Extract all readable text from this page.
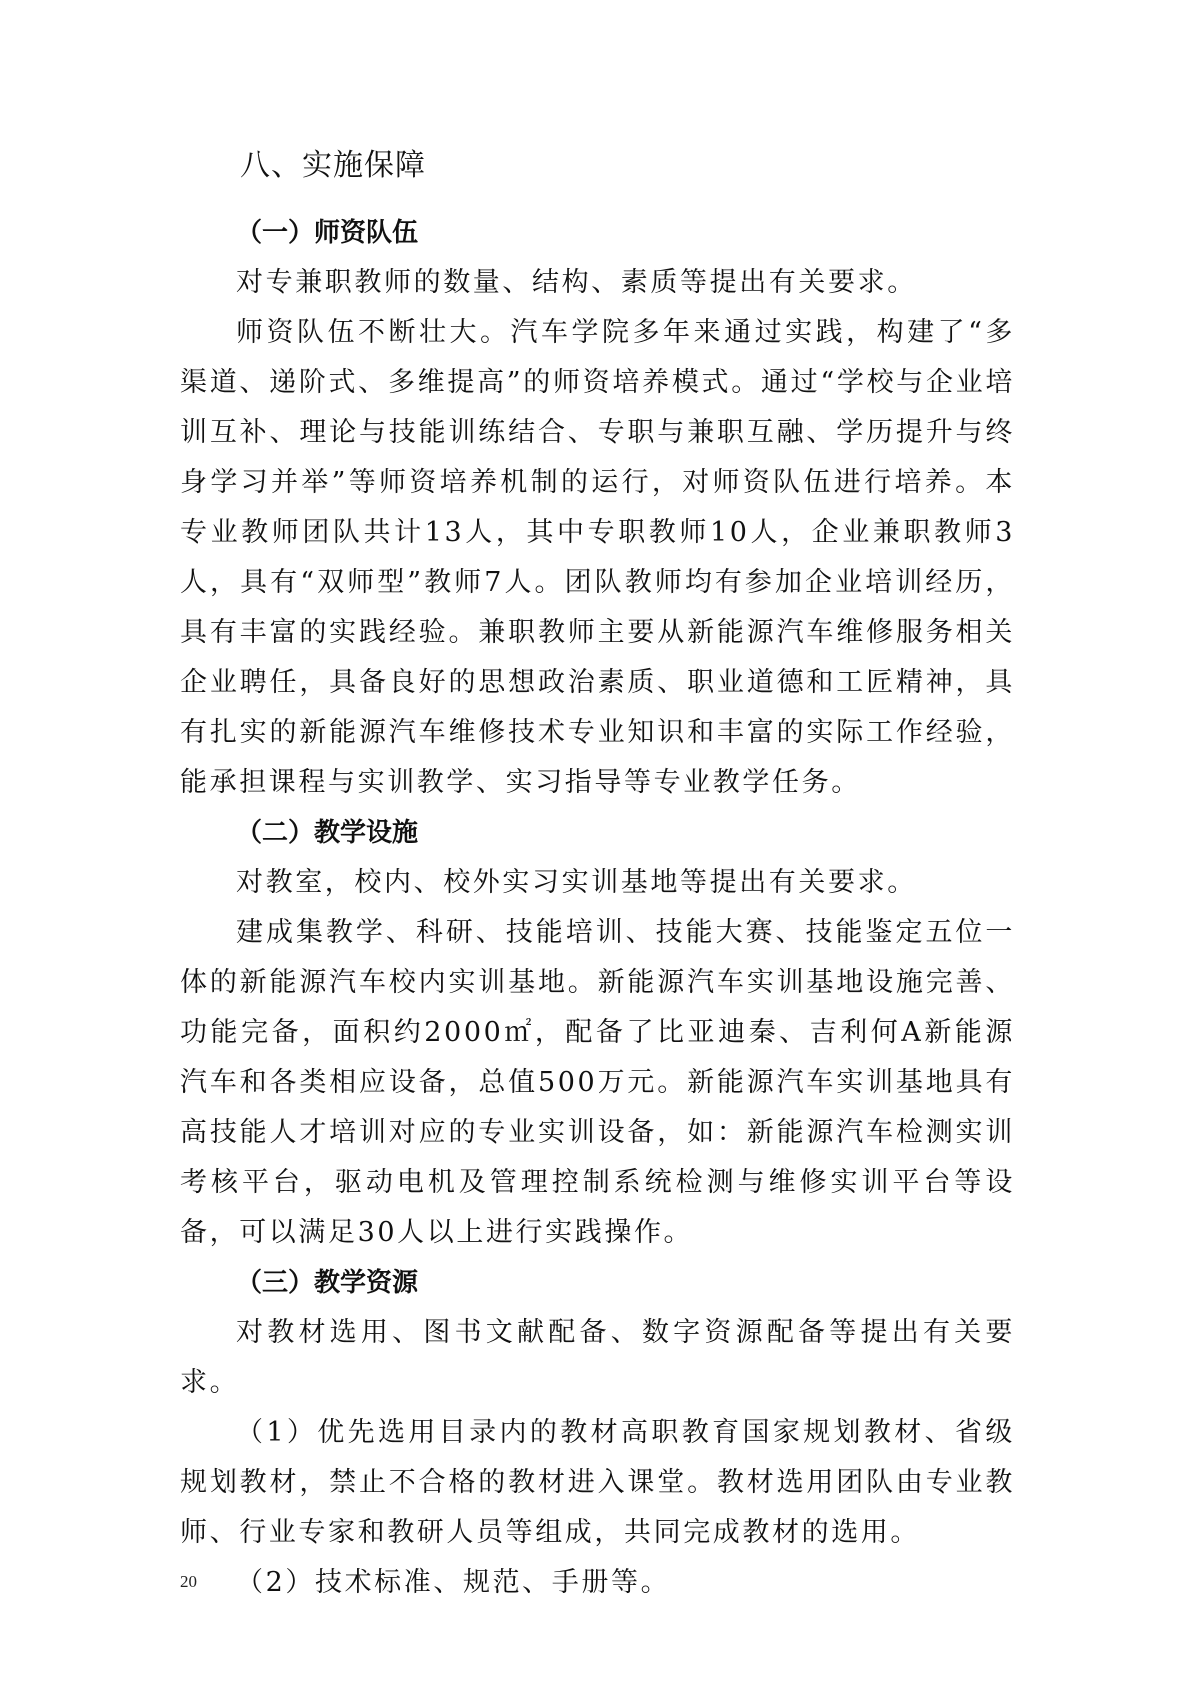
八、实施保障
（一）师资队伍

对专兼职教师的数量、结构、素质等提出有关要求。

师资队伍不断壮大。汽车学院多年来通过实践，构建了“多渠道、递阶式、多维提高”的师资培养模式。通过“学校与企业培训互补、理论与技能训练结合、专职与兼职互融、学历提升与终身学习并举”等师资培养机制的运行，对师资队伍进行培养。本专业教师团队共计13人，其中专职教师10人，企业兼职教师3人，具有“双师型”教师7人。团队教师均有参加企业培训经历，具有丰富的实践经验。兼职教师主要从新能源汽车维修服务相关企业聘任，具备良好的思想政治素质、职业道德和工匠精神，具有扎实的新能源汽车维修技术专业知识和丰富的实际工作经验，能承担课程与实训教学、实习指导等专业教学任务。

（二）教学设施

对教室，校内、校外实习实训基地等提出有关要求。

建成集教学、科研、技能培训、技能大赛、技能鉴定五位一体的新能源汽车校内实训基地。新能源汽车实训基地设施完善、功能完备，面积约2000㎡，配备了比亚迪秦、吉利何A新能源汽车和各类相应设备，总值500万元。新能源汽车实训基地具有高技能人才培训对应的专业实训设备，如：新能源汽车检测实训考核平台，驱动电机及管理控制系统检测与维修实训平台等设备，可以满足30人以上进行实践操作。

（三）教学资源

对教材选用、图书文献配备、数字资源配备等提出有关要求。

（1）优先选用目录内的教材高职教育国家规划教材、省级规划教材，禁止不合格的教材进入课堂。教材选用团队由专业教师、行业专家和教研人员等组成，共同完成教材的选用。

（2）技术标准、规范、手册等。

20
